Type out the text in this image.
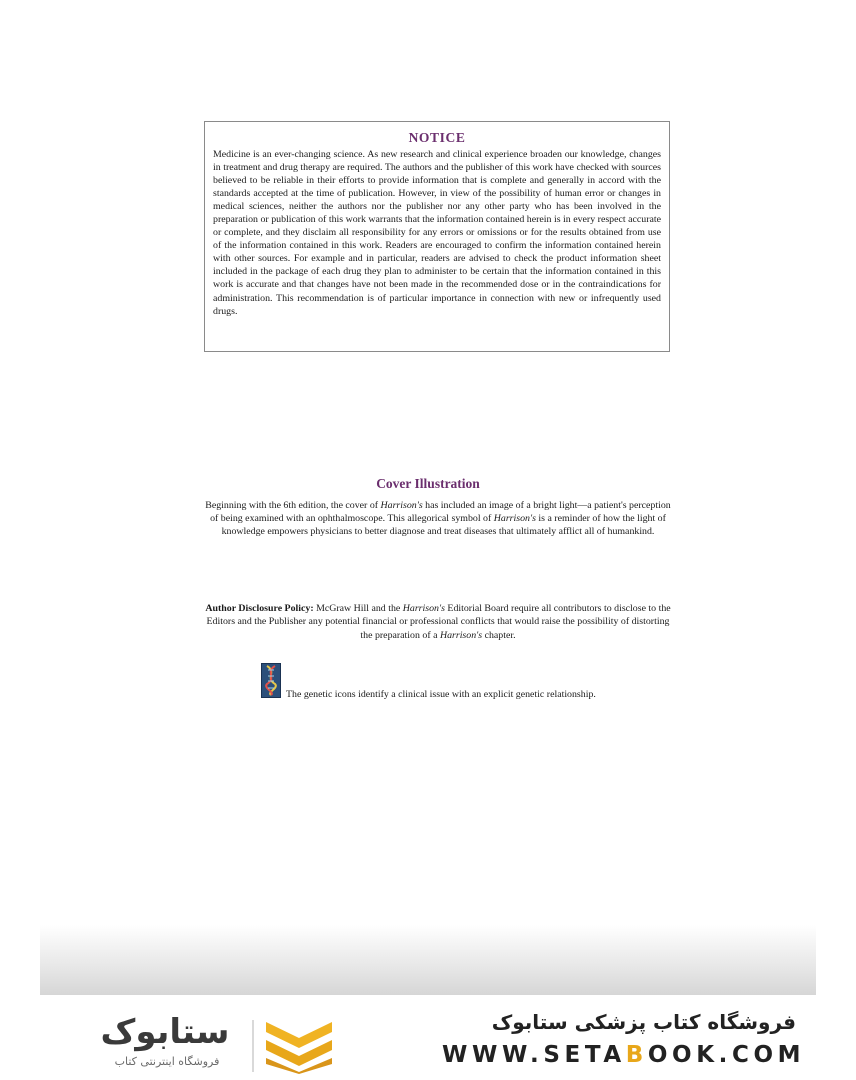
NOTICE

Medicine is an ever-changing science. As new research and clinical experience broaden our knowledge, changes in treatment and drug therapy are required. The authors and the publisher of this work have checked with sources believed to be reliable in their efforts to provide information that is complete and generally in accord with the standards accepted at the time of publication. However, in view of the possibility of human error or changes in medical sciences, neither the authors nor the publisher nor any other party who has been involved in the preparation or publication of this work warrants that the information contained herein is in every respect accurate or complete, and they disclaim all responsibility for any errors or omissions or for the results obtained from use of the information contained in this work. Readers are encouraged to confirm the information contained herein with other sources. For example and in particular, readers are advised to check the product information sheet included in the package of each drug they plan to administer to be certain that the information contained in this work is accurate and that changes have not been made in the recommended dose or in the contraindications for administration. This recommendation is of particular importance in connection with new or infrequently used drugs.

Cover Illustration

Beginning with the 6th edition, the cover of Harrison's has included an image of a bright light—a patient's perception of being examined with an ophthalmoscope. This allegorical symbol of Harrison's is a reminder of how the light of knowledge empowers physicians to better diagnose and treat diseases that ultimately afflict all of humankind.

Author Disclosure Policy: McGraw Hill and the Harrison's Editorial Board require all contributors to disclose to the Editors and the Publisher any potential financial or professional conflicts that would raise the possibility of distorting the preparation of a Harrison's chapter.

The genetic icons identify a clinical issue with an explicit genetic relationship.
ستابوک
فروشگاه اینترنتی کتاب
فروشگاه کتاب پزشکی ستابوک
WWW.SETABOOK.COM
